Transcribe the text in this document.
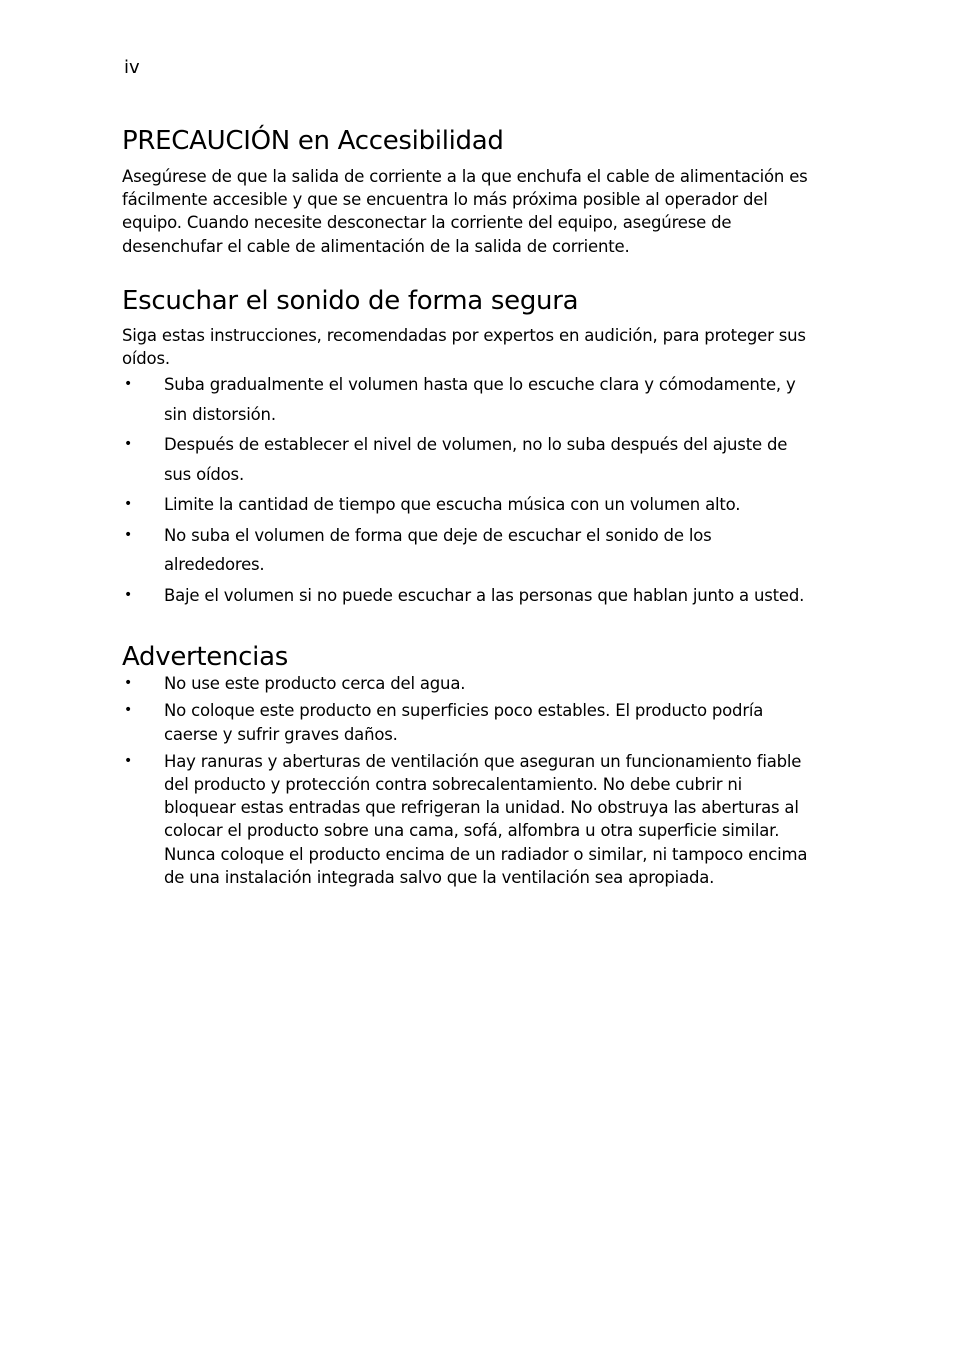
iv
PRECAUCIÓN en Accesibilidad

Asegúrese de que la salida de corriente a la que enchufa el cable de alimentación es fácilmente accesible y que se encuentra lo más próxima posible al operador del equipo. Cuando necesite desconectar la corriente del equipo, asegúrese de desenchufar el cable de alimentación de la salida de corriente.

Escuchar el sonido de forma segura

Siga estas instrucciones, recomendadas por expertos en audición, para proteger sus oídos.

• Suba gradualmente el volumen hasta que lo escuche clara y cómodamente, y sin distorsión.
• Después de establecer el nivel de volumen, no lo suba después del ajuste de sus oídos.
• Limite la cantidad de tiempo que escucha música con un volumen alto.
• No suba el volumen de forma que deje de escuchar el sonido de los alrededores.
• Baje el volumen si no puede escuchar a las personas que hablan junto a usted.
Advertencias
• No use este producto cerca del agua.
• No coloque este producto en superficies poco estables. El producto podría caerse y sufrir graves daños.
• Hay ranuras y aberturas de ventilación que aseguran un funcionamiento fiable del producto y protección contra sobrecalentamiento. No debe cubrir ni bloquear estas entradas que refrigeran la unidad. No obstruya las aberturas al colocar el producto sobre una cama, sofá, alfombra u otra superficie similar. Nunca coloque el producto encima de un radiador o similar, ni tampoco encima de una instalación integrada salvo que la ventilación sea apropiada.
